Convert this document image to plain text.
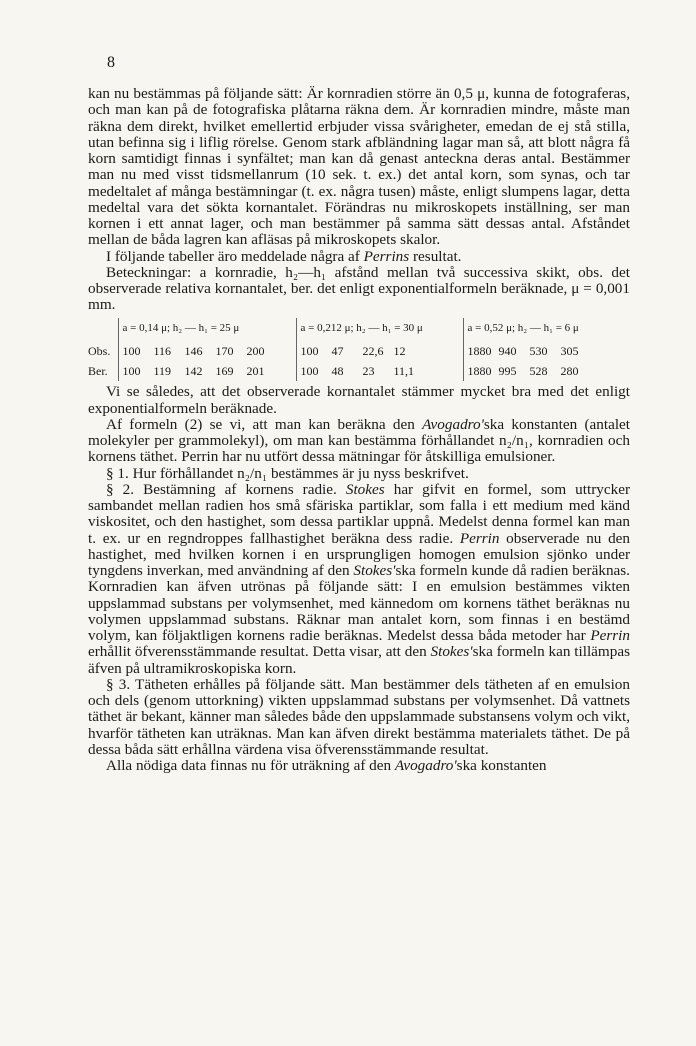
8

kan nu bestämmas på följande sätt: Är kornradien större än 0,5 μ, kunna de fotograferas, och man kan på de fotografiska plåtarna räkna dem. Är kornradien mindre, måste man räkna dem direkt, hvilket emellertid erbjuder vissa svårigheter, emedan de ej stå stilla, utan befinna sig i liflig rörelse. Genom stark afbländning lagar man så, att blott några få korn samtidigt finnas i synfältet; man kan då genast anteckna deras antal. Bestämmer man nu med visst tidsmellanrum (10 sek. t. ex.) det antal korn, som synas, och tar medeltalet af många bestämningar (t. ex. några tusen) måste, enligt slumpens lagar, detta medeltal vara det sökta kornantalet. Förändras nu mikroskopets inställning, ser man kornen i ett annat lager, och man bestämmer på samma sätt dessas antal. Afståndet mellan de båda lagren kan afläsas på mikroskopets skalor.

I följande tabeller äro meddelade några af Perrins resultat.

Beteckningar: a kornradie, h₂—h₁ afstånd mellan två successiva skikt, obs. det observerade relativa kornantalet, ber. det enligt exponentialformeln beräknade, μ = 0,001 mm.

	a = 0,14 μ; h₂ — h₁ = 25 μ	a = 0,212 μ; h₂ — h₁ = 30 μ	a = 0,52 μ; h₂ — h₁ = 6 μ
Obs.	100 116 146 170 200	100 47 22,6 12	1880 940 530 305
Ber.	100 119 142 169 201	100 48 23 11,1	1880 995 528 280

Vi se således, att det observerade kornantalet stämmer mycket bra med det enligt exponentialformeln beräknade.

Af formeln (2) se vi, att man kan beräkna den Avogadro'ska konstanten (antalet molekyler per grammolekyl), om man kan bestämma förhållandet n₂/n₁, kornradien och kornens täthet. Perrin har nu utfört dessa mätningar för åtskilliga emulsioner.

§ 1. Hur förhållandet n₂/n₁ bestämmes är ju nyss beskrifvet.

§ 2. Bestämning af kornens radie. Stokes har gifvit en formel, som uttrycker sambandet mellan radien hos små sfäriska partiklar, som falla i ett medium med känd viskositet, och den hastighet, som dessa partiklar uppnå. Medelst denna formel kan man t. ex. ur en regndroppes fallhastighet beräkna dess radie. Perrin observerade nu den hastighet, med hvilken kornen i en ursprungligen homogen emulsion sjönko under tyngdens inverkan, med användning af den Stokes'ska formeln kunde då radien beräknas. Kornradien kan äfven utrönas på följande sätt: I en emulsion bestämmes vikten uppslammad substans per volymsenhet, med kännedom om kornens täthet beräknas nu volymen uppslammad substans. Räknar man antalet korn, som finnas i en bestämd volym, kan följaktligen kornens radie beräknas. Medelst dessa båda metoder har Perrin erhållit öfverensstämmande resultat. Detta visar, att den Stokes'ska formeln kan tillämpas äfven på ultramikroskopiska korn.

§ 3. Tätheten erhålles på följande sätt. Man bestämmer dels tätheten af en emulsion och dels (genom uttorkning) vikten uppslammad substans per volymsenhet. Då vattnets täthet är bekant, känner man således både den uppslammade substansens volym och vikt, hvarför tätheten kan uträknas. Man kan äfven direkt bestämma materialets täthet. De på dessa båda sätt erhållna värdena visa öfverensstämmande resultat.

Alla nödiga data finnas nu för uträkning af den Avogadro'ska konstanten
